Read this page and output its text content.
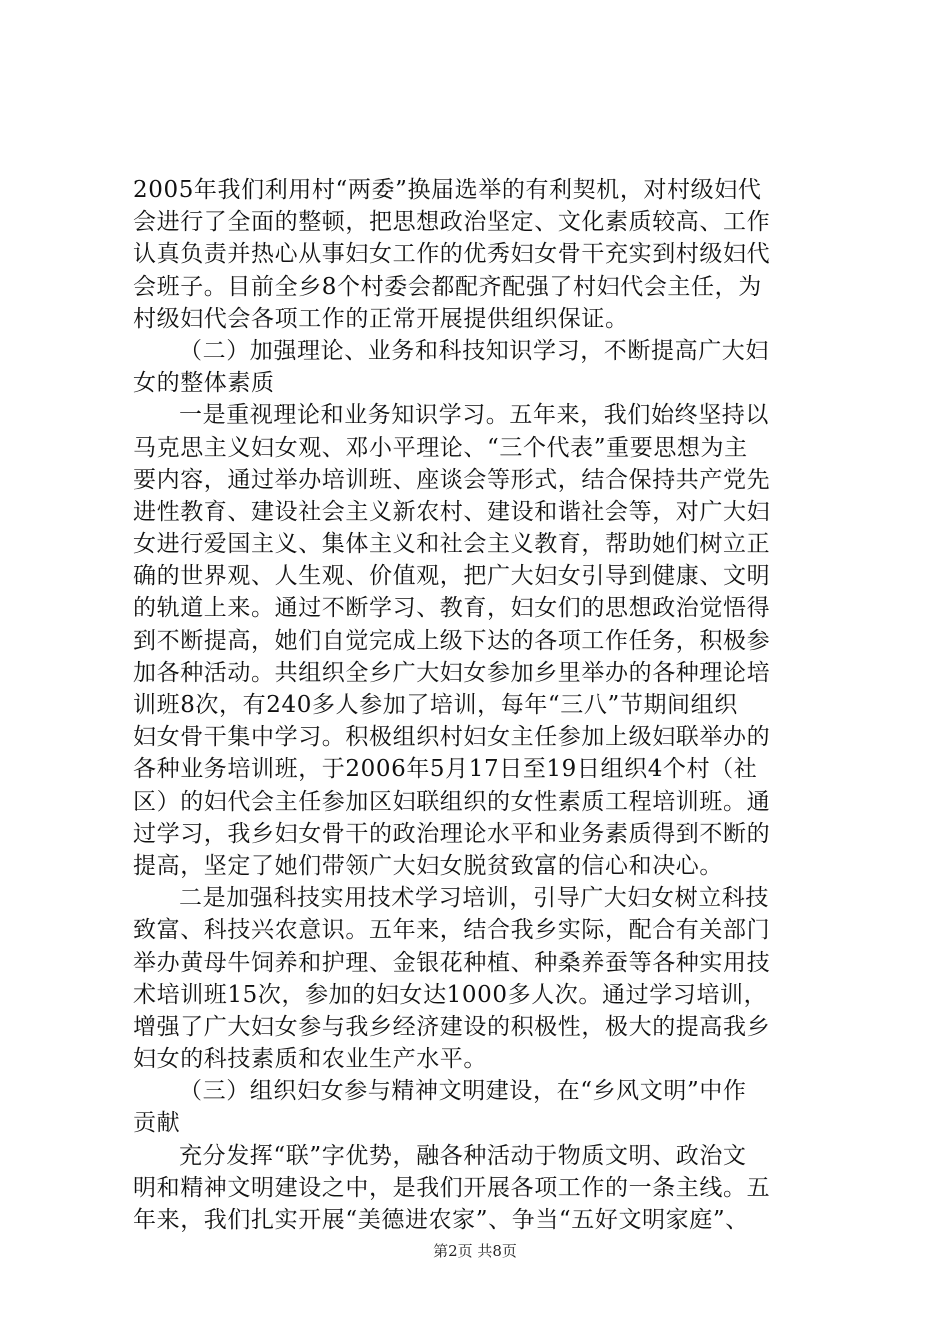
2005年我们利用村“两委”换届选举的有利契机，对村级妇代
会进行了全面的整顿，把思想政治坚定、文化素质较高、工作
认真负责并热心从事妇女工作的优秀妇女骨干充实到村级妇代
会班子。目前全乡8个村委会都配齐配强了村妇代会主任，为
村级妇代会各项工作的正常开展提供组织保证。
（二）加强理论、业务和科技知识学习，不断提高广大妇
女的整体素质
一是重视理论和业务知识学习。五年来，我们始终坚持以
马克思主义妇女观、邓小平理论、“三个代表”重要思想为主
要内容，通过举办培训班、座谈会等形式，结合保持共产党先
进性教育、建设社会主义新农村、建设和谐社会等，对广大妇
女进行爱国主义、集体主义和社会主义教育，帮助她们树立正
确的世界观、人生观、价值观，把广大妇女引导到健康、文明
的轨道上来。通过不断学习、教育，妇女们的思想政治觉悟得
到不断提高，她们自觉完成上级下达的各项工作任务，积极参
加各种活动。共组织全乡广大妇女参加乡里举办的各种理论培
训班8次，有240多人参加了培训，每年“三八”节期间组织
妇女骨干集中学习。积极组织村妇女主任参加上级妇联举办的
各种业务培训班，于2006年5月17日至19日组织4个村（社
区）的妇代会主任参加区妇联组织的女性素质工程培训班。通
过学习，我乡妇女骨干的政治理论水平和业务素质得到不断的
提高，坚定了她们带领广大妇女脱贫致富的信心和决心。
二是加强科技实用技术学习培训，引导广大妇女树立科技
致富、科技兴农意识。五年来，结合我乡实际，配合有关部门
举办黄母牛饲养和护理、金银花种植、种桑养蚕等各种实用技
术培训班15次，参加的妇女达1000多人次。通过学习培训，
增强了广大妇女参与我乡经济建设的积极性，极大的提高我乡
妇女的科技素质和农业生产水平。
（三）组织妇女参与精神文明建设，在“乡风文明”中作
贡献
充分发挥“联”字优势，融各种活动于物质文明、政治文
明和精神文明建设之中，是我们开展各项工作的一条主线。五
年来，我们扎实开展“美德进农家”、争当“五好文明家庭”、
第2页 共8页
